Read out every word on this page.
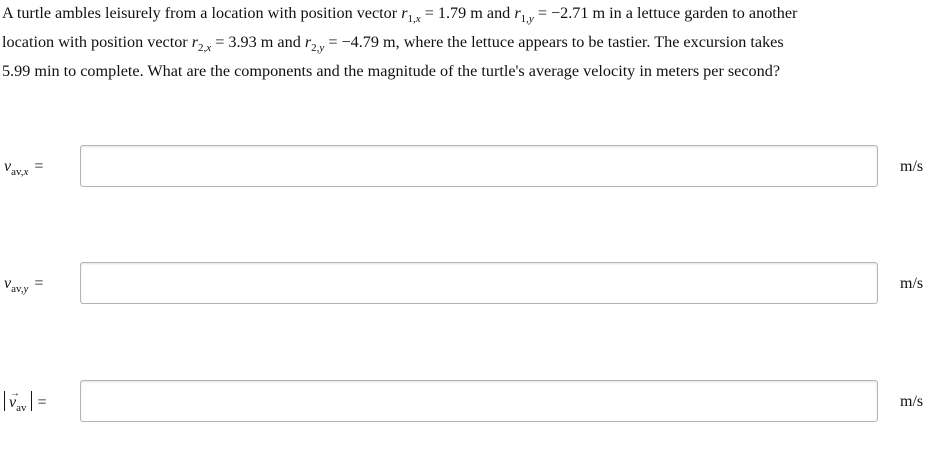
A turtle ambles leisurely from a location with position vector $r_{1,x} = 1.79$ m and $r_{1,y} = -2.71$ m in a lettuce garden to another
location with position vector $r_{2,x} = 3.93$ m and $r_{2,y} = -4.79$ m, where the lettuce appears to be tastier. The excursion takes
5.99 min to complete. What are the components and the magnitude of the turtle's average velocity in meters per second?
$v_{av,x}$ =	m/s
$v_{av,y}$ =	m/s
v
→
$_{av}$ =	m/s
